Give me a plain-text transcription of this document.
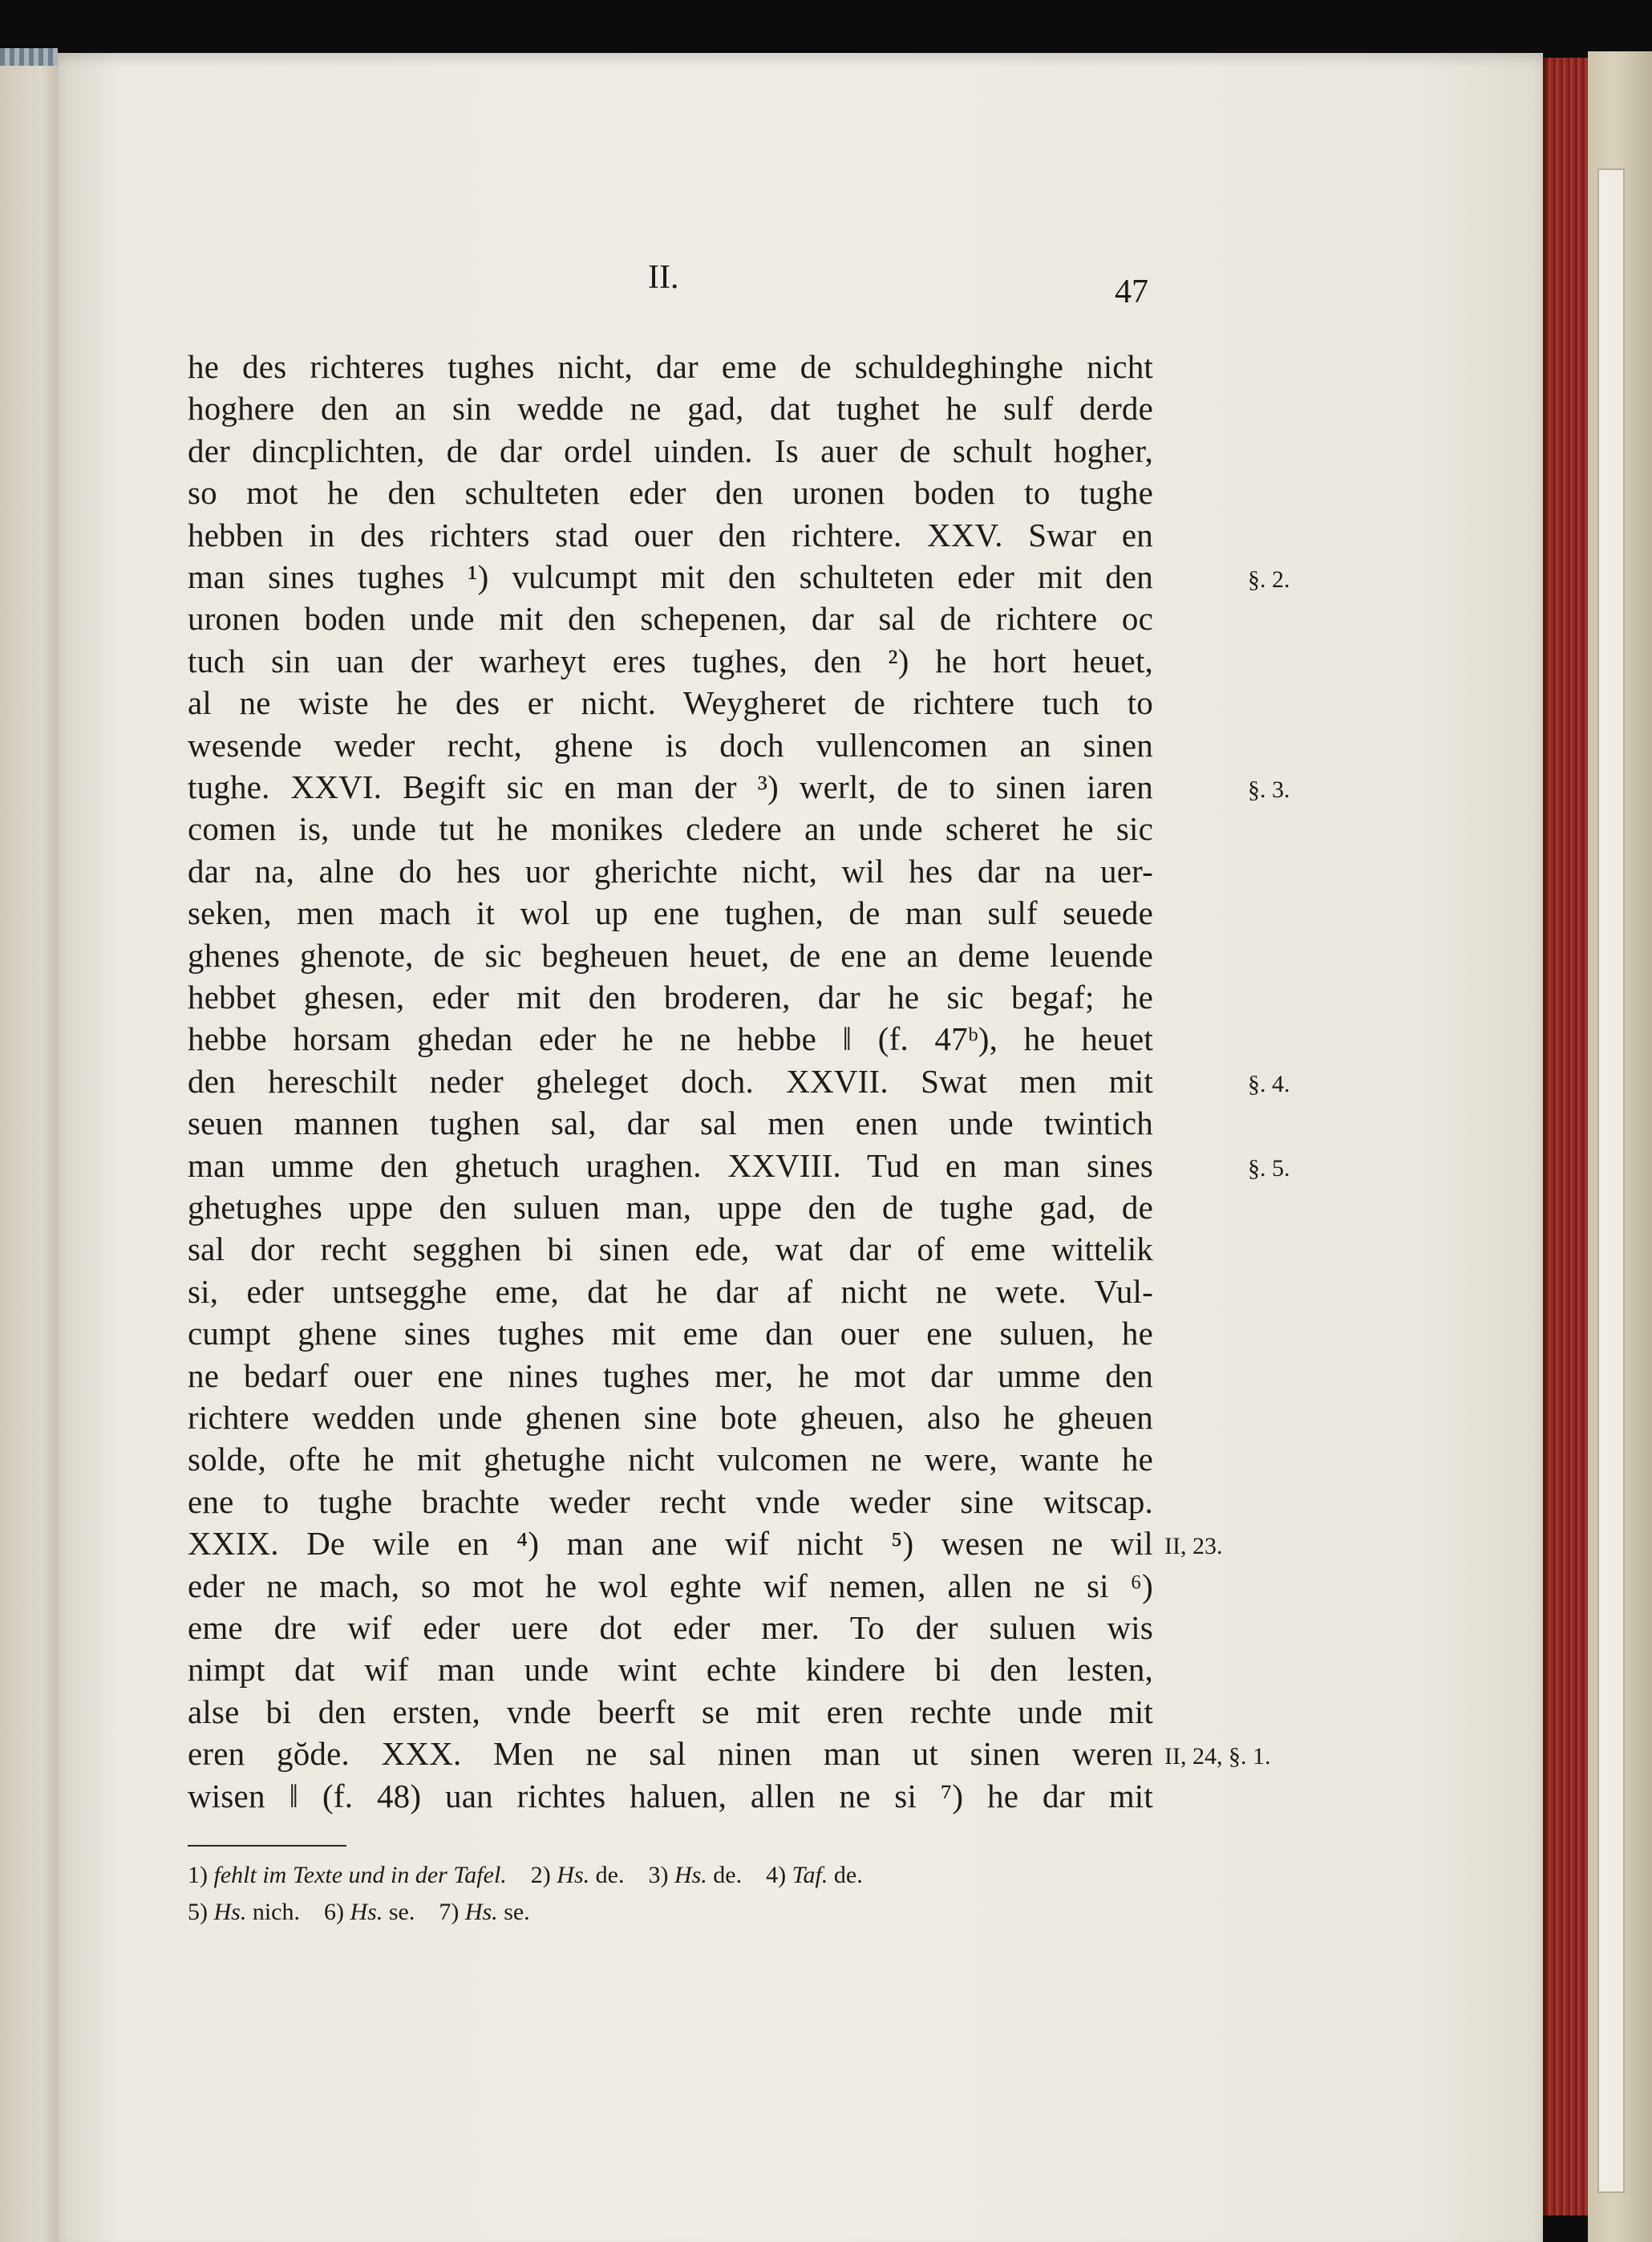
II.	47
he des richteres tughes nicht, dar eme de schuldeghinghe nicht
hoghere den an sin wedde ne gad, dat tughet he sulf derde
der dincplichten, de dar ordel uinden. Is auer de schult hogher,
so mot he den schulteten eder den uronen boden to tughe
hebben in des richters stad ouer den richtere. XXV. Swar en
man sines tughes ¹) vulcumpt mit den schulteten eder mit den
uronen boden unde mit den schepenen, dar sal de richtere oc
tuch sin uan der warheyt eres tughes, den ²) he hort heuet,
al ne wiste he des er nicht. Weygheret de richtere tuch to
wesende weder recht, ghene is doch vullencomen an sinen
tughe. XXVI. Begift sic en man der ³) werlt, de to sinen iaren
comen is, unde tut he monikes cledere an unde scheret he sic
dar na, alne do hes uor gherichte nicht, wil hes dar na uer-
seken, men mach it wol up ene tughen, de man sulf seuede
ghenes ghenote, de sic begheuen heuet, de ene an deme leuende
hebbet ghesen, eder mit den broderen, dar he sic begaf; he
hebbe horsam ghedan eder he ne hebbe ‖ (f. 47ᵇ), he heuet
den hereschilt neder gheleget doch. XXVII. Swat men mit
seuen mannen tughen sal, dar sal men enen unde twintich
man umme den ghetuch uraghen. XXVIII. Tud en man sines
ghetughes uppe den suluen man, uppe den de tughe gad, de
sal dor recht segghen bi sinen ede, wat dar of eme wittelik
si, eder untsegghe eme, dat he dar af nicht ne wete. Vul-
cumpt ghene sines tughes mit eme dan ouer ene suluen, he
ne bedarf ouer ene nines tughes mer, he mot dar umme den
richtere wedden unde ghenen sine bote gheuen, also he gheuen
solde, ofte he mit ghetughe nicht vulcomen ne were, wante he
ene to tughe brachte weder recht vnde weder sine witscap.
XXIX. De wile en ⁴) man ane wif nicht ⁵) wesen ne wil
eder ne mach, so mot he wol eghte wif nemen, allen ne si ⁶)
eme dre wif eder uere dot eder mer. To der suluen wis
nimpt dat wif man unde wint echte kindere bi den lesten,
alse bi den ersten, vnde beerft se mit eren rechte unde mit
eren gŏde. XXX. Men ne sal ninen man ut sinen weren
wisen ‖ (f. 48) uan richtes haluen, allen ne si ⁷) he dar mit
§. 2.
§. 3.
§. 4.
§. 5.
II, 23.
II, 24, §. 1.
1) fehlt im Texte und in der Tafel. 2) Hs. de. 3) Hs. de. 4) Taf. de.
5) Hs. nich. 6) Hs. se. 7) Hs. se.
